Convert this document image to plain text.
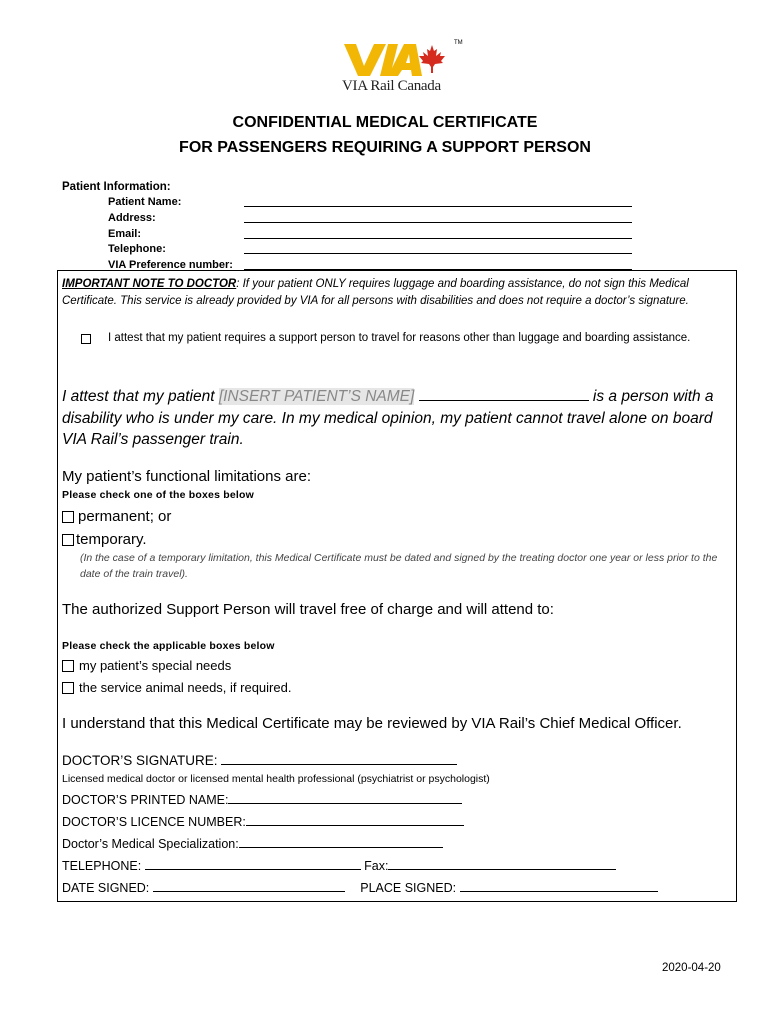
TM
VIA Rail Canada
CONFIDENTIAL MEDICAL CERTIFICATE
FOR PASSENGERS REQUIRING A SUPPORT PERSON
Patient Information:
Patient Name:
Address:
Email:
Telephone:
VIA Preference number:
IMPORTANT NOTE TO DOCTOR: If your patient ONLY requires luggage and boarding assistance, do not sign this Medical Certificate. This service is already provided by VIA for all persons with disabilities and does not require a doctor’s signature.
I attest that my patient requires a support person to travel for reasons other than luggage and boarding assistance.
I attest that my patient [INSERT PATIENT’S NAME]	is a person with a disability who is under my care. In my medical opinion, my patient cannot travel alone on board VIA Rail’s passenger train.
My patient’s functional limitations are:
Please check one of the boxes below
permanent; or
temporary.
(In the case of a temporary limitation, this Medical Certificate must be dated and signed by the treating doctor one year or less prior to the date of the train travel).
The authorized Support Person will travel free of charge and will attend to:
Please check the applicable boxes below
my patient’s special needs
the service animal needs, if required.
I understand that this Medical Certificate may be reviewed by VIA Rail’s Chief Medical Officer.
DOCTOR’S SIGNATURE:
Licensed medical doctor or licensed mental health professional (psychiatrist or psychologist)
DOCTOR’S PRINTED NAME:
DOCTOR’S LICENCE NUMBER:
Doctor’s Medical Specialization:
TELEPHONE:	Fax:
DATE SIGNED:	PLACE SIGNED:
2020-04-20
